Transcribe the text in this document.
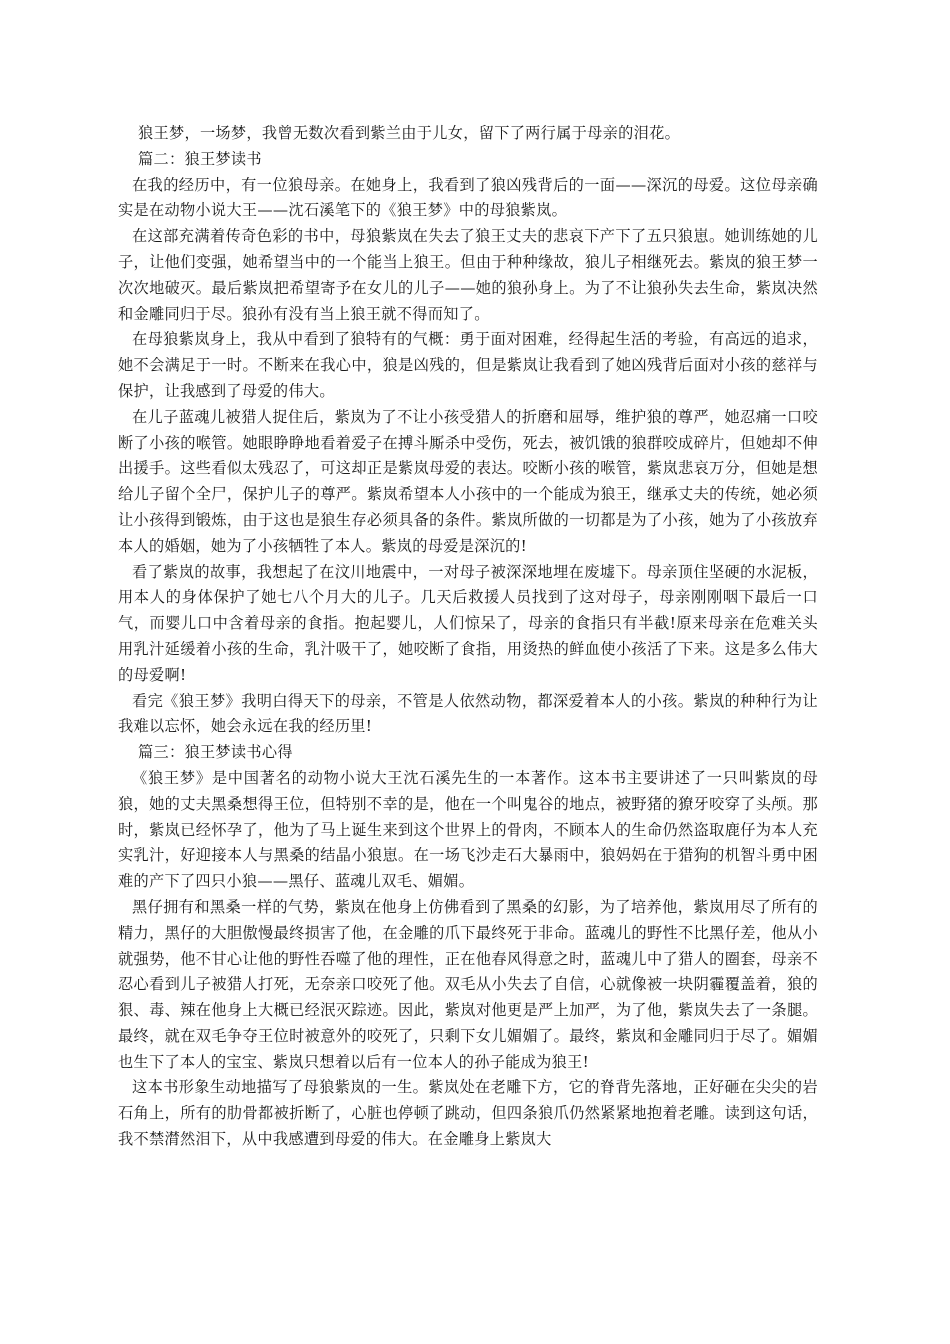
狼王梦，一场梦，我曾无数次看到紫兰由于儿女，留下了两行属于母亲的泪花。

篇二：狼王梦读书

在我的经历中，有一位狼母亲。在她身上，我看到了狼凶残背后的一面——深沉的母爱。这位母亲确实是在动物小说大王——沈石溪笔下的《狼王梦》中的母狼紫岚。

在这部充满着传奇色彩的书中，母狼紫岚在失去了狼王丈夫的悲哀下产下了五只狼崽。她训练她的儿子，让他们变强，她希望当中的一个能当上狼王。但由于种种缘故，狼儿子相继死去。紫岚的狼王梦一次次地破灭。最后紫岚把希望寄予在女儿的儿子——她的狼孙身上。为了不让狼孙失去生命，紫岚决然和金雕同归于尽。狼孙有没有当上狼王就不得而知了。

在母狼紫岚身上，我从中看到了狼特有的气概：勇于面对困难，经得起生活的考验，有高远的追求，她不会满足于一时。不断来在我心中，狼是凶残的，但是紫岚让我看到了她凶残背后面对小孩的慈祥与保护，让我感到了母爱的伟大。

在儿子蓝魂儿被猎人捉住后，紫岚为了不让小孩受猎人的折磨和屈辱，维护狼的尊严，她忍痛一口咬断了小孩的喉管。她眼睁睁地看着爱子在搏斗厮杀中受伤，死去，被饥饿的狼群咬成碎片，但她却不伸出援手。这些看似太残忍了，可这却正是紫岚母爱的表达。咬断小孩的喉管，紫岚悲哀万分，但她是想给儿子留个全尸，保护儿子的尊严。紫岚希望本人小孩中的一个能成为狼王，继承丈夫的传统，她必须让小孩得到锻炼，由于这也是狼生存必须具备的条件。紫岚所做的一切都是为了小孩，她为了小孩放弃本人的婚姻，她为了小孩牺牲了本人。紫岚的母爱是深沉的!

看了紫岚的故事，我想起了在汶川地震中，一对母子被深深地埋在废墟下。母亲顶住坚硬的水泥板，用本人的身体保护了她七八个月大的儿子。几天后救援人员找到了这对母子，母亲刚刚咽下最后一口气，而婴儿口中含着母亲的食指。抱起婴儿，人们惊呆了，母亲的食指只有半截!原来母亲在危难关头用乳汁延缓着小孩的生命，乳汁吸干了，她咬断了食指，用烫热的鲜血使小孩活了下来。这是多么伟大的母爱啊!

看完《狼王梦》我明白得天下的母亲，不管是人依然动物，都深爱着本人的小孩。紫岚的种种行为让我难以忘怀，她会永远在我的经历里!

篇三：狼王梦读书心得

《狼王梦》是中国著名的动物小说大王沈石溪先生的一本著作。这本书主要讲述了一只叫紫岚的母狼，她的丈夫黑桑想得王位，但特别不幸的是，他在一个叫鬼谷的地点，被野猪的獠牙咬穿了头颅。那时，紫岚已经怀孕了，他为了马上诞生来到这个世界上的骨肉，不顾本人的生命仍然盗取鹿仔为本人充实乳汁，好迎接本人与黑桑的结晶小狼崽。在一场飞沙走石大暴雨中，狼妈妈在于猎狗的机智斗勇中困难的产下了四只小狼——黑仔、蓝魂儿双毛、媚媚。

黑仔拥有和黑桑一样的气势，紫岚在他身上仿佛看到了黑桑的幻影，为了培养他，紫岚用尽了所有的精力，黑仔的大胆傲慢最终损害了他，在金雕的爪下最终死于非命。蓝魂儿的野性不比黑仔差，他从小就强势，他不甘心让他的野性吞噬了他的理性，正在他春风得意之时，蓝魂儿中了猎人的圈套，母亲不忍心看到儿子被猎人打死，无奈亲口咬死了他。双毛从小失去了自信，心就像被一块阴霾覆盖着，狼的狠、毒、辣在他身上大概已经泯灭踪迹。因此，紫岚对他更是严上加严，为了他，紫岚失去了一条腿。最终，就在双毛争夺王位时被意外的咬死了，只剩下女儿媚媚了。最终，紫岚和金雕同归于尽了。媚媚也生下了本人的宝宝、紫岚只想着以后有一位本人的孙子能成为狼王!

这本书形象生动地描写了母狼紫岚的一生。紫岚处在老雕下方，它的脊背先落地，正好砸在尖尖的岩石角上，所有的肋骨都被折断了，心脏也停顿了跳动，但四条狼爪仍然紧紧地抱着老雕。读到这句话，我不禁潸然泪下，从中我感遭到母爱的伟大。在金雕身上紫岚大
